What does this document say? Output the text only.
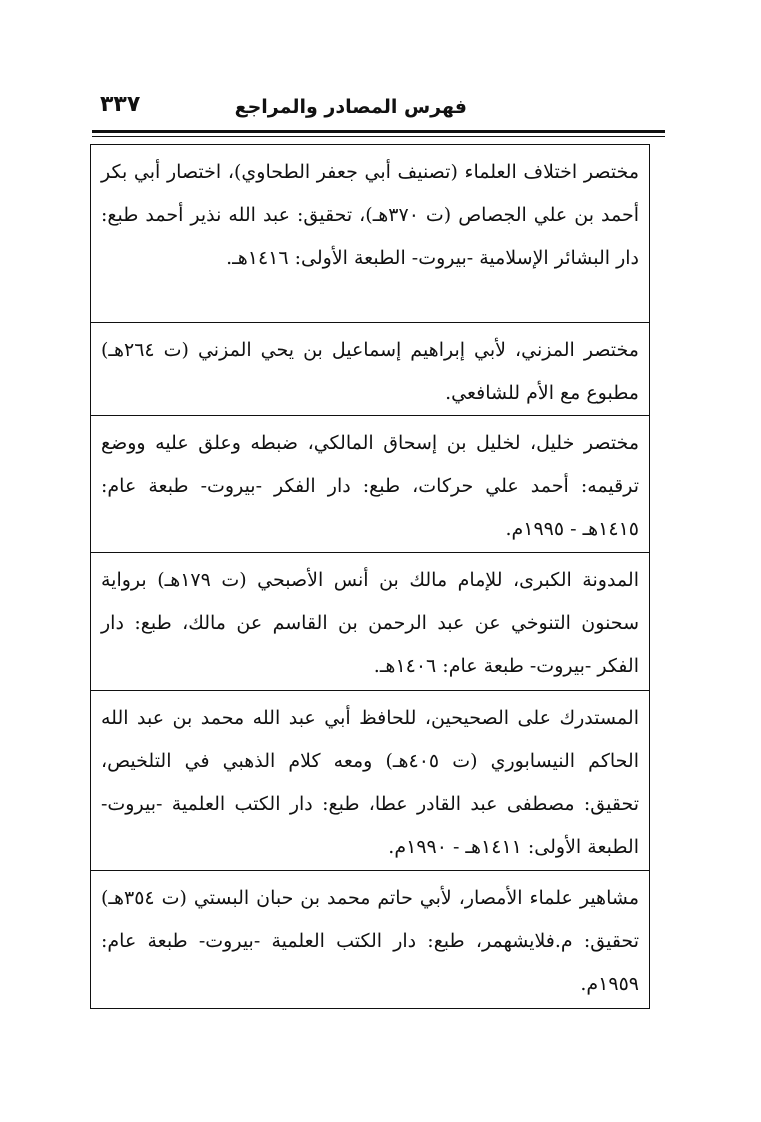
فهرس المصادر والمراجع
٣٣٧
مختصر اختلاف العلماء (تصنيف أبي جعفر الطحاوي)، اختصار أبي بكر أحمد بن علي الجصاص (ت ٣٧٠هـ)، تحقيق: عبد الله نذير أحمد طبع: دار البشائر الإسلامية -بيروت- الطبعة الأولى: ١٤١٦هـ.
مختصر المزني، لأبي إبراهيم إسماعيل بن يحي المزني (ت ٢٦٤هـ) مطبوع مع الأم للشافعي.
مختصر خليل، لخليل بن إسحاق المالكي، ضبطه وعلق عليه ووضع ترقيمه: أحمد علي حركات، طبع: دار الفكر -بيروت- طبعة عام: ١٤١٥هـ - ١٩٩٥م.
المدونة الكبرى، للإمام مالك بن أنس الأصبحي (ت ١٧٩هـ) برواية سحنون التنوخي عن عبد الرحمن بن القاسم عن مالك، طبع: دار الفكر -بيروت- طبعة عام: ١٤٠٦هـ.
المستدرك على الصحيحين، للحافظ أبي عبد الله محمد بن عبد الله الحاكم النيسابوري (ت ٤٠٥هـ) ومعه كلام الذهبي في التلخيص، تحقيق: مصطفى عبد القادر عطا، طبع: دار الكتب العلمية -بيروت- الطبعة الأولى: ١٤١١هـ - ١٩٩٠م.
مشاهير علماء الأمصار، لأبي حاتم محمد بن حبان البستي (ت ٣٥٤هـ) تحقيق: م.فلايشهمر، طبع: دار الكتب العلمية -بيروت- طبعة عام: ١٩٥٩م.
